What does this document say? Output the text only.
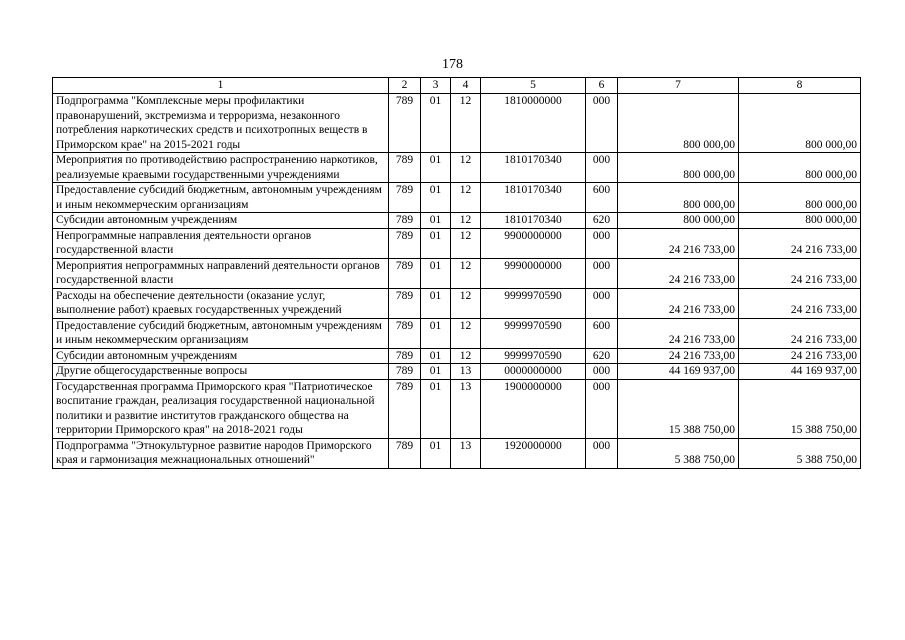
178
1	2	3	4	5	6	7	8
Подпрограмма "Комплексные меры профилактики правонарушений, экстремизма и терроризма, незаконного потребления наркотических средств и психотропных веществ в Приморском крае" на 2015-2021 годы	789	01	12	1810000000	000	800 000,00	800 000,00
Мероприятия по противодействию распространению наркотиков, реализуемые краевыми государственными учреждениями	789	01	12	1810170340	000	800 000,00	800 000,00
Предоставление субсидий бюджетным, автономным учреждениям и иным некоммерческим организациям	789	01	12	1810170340	600	800 000,00	800 000,00
Субсидии автономным учреждениям	789	01	12	1810170340	620	800 000,00	800 000,00
Непрограммные направления деятельности органов государственной власти	789	01	12	9900000000	000	24 216 733,00	24 216 733,00
Мероприятия непрограммных направлений деятельности органов государственной власти	789	01	12	9990000000	000	24 216 733,00	24 216 733,00
Расходы на обеспечение деятельности (оказание услуг, выполнение работ) краевых государственных учреждений	789	01	12	9999970590	000	24 216 733,00	24 216 733,00
Предоставление субсидий бюджетным, автономным учреждениям и иным некоммерческим организациям	789	01	12	9999970590	600	24 216 733,00	24 216 733,00
Субсидии автономным учреждениям	789	01	12	9999970590	620	24 216 733,00	24 216 733,00
Другие общегосударственные вопросы	789	01	13	0000000000	000	44 169 937,00	44 169 937,00
Государственная программа Приморского края "Патриотическое воспитание граждан, реализация государственной национальной политики и развитие институтов гражданского общества на территории Приморского края" на 2018-2021 годы	789	01	13	1900000000	000	15 388 750,00	15 388 750,00
Подпрограмма "Этнокультурное развитие народов Приморского края и гармонизация межнациональных отношений"	789	01	13	1920000000	000	5 388 750,00	5 388 750,00
